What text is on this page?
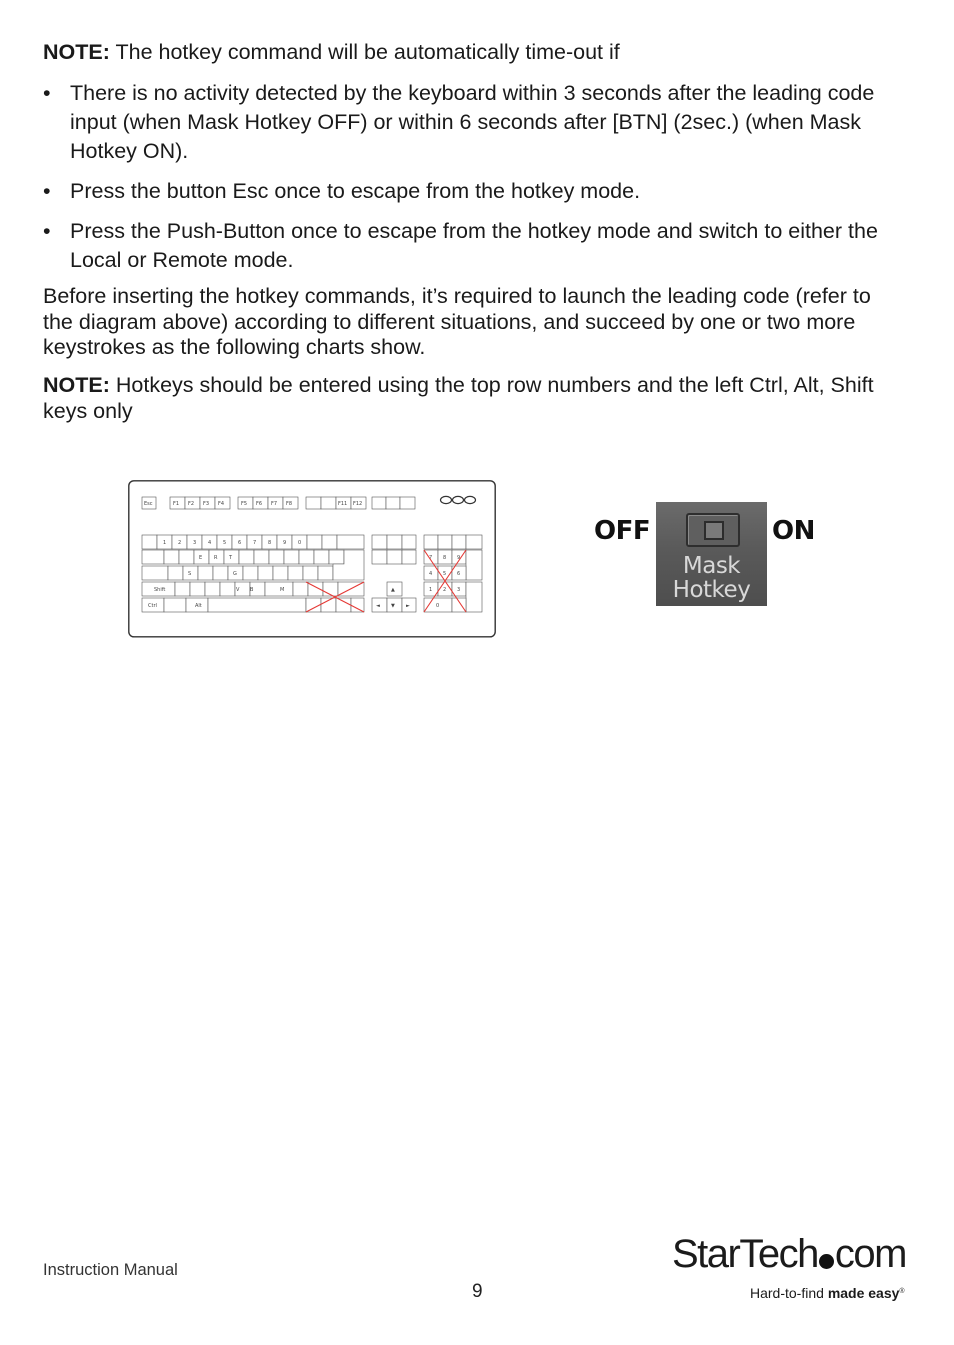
NOTE: The hotkey command will be automatically time-out if
• There is no activity detected by the keyboard within 3 seconds after the leading code input (when Mask Hotkey OFF) or within 6 seconds after [BTN] (2sec.) (when Mask Hotkey ON).
• Press the button Esc once to escape from the hotkey mode.
• Press the Push-Button once to escape from the hotkey mode and switch to either the Local or Remote mode.
Before inserting the hotkey commands, it’s required to launch the leading code (refer to the diagram above) according to different situations, and succeed by one or two more keystrokes as the following charts show.
NOTE: Hotkeys should be entered using the top row numbers and the left Ctrl, Alt, Shift keys only
Esc	F1 F2 F3 F4	F5 F6 F7 F8	F11 F12
1 2 3 4 5 6 7 8 9 0
E R T
S	G
Shift	V B	M
Ctrl	Alt
7 8 9
4 5 6
1 2 3
0
▲
◄ ▼ ►
OFF
Mask
Hotkey
ON
Instruction Manual
9
StarTech com
Hard-to-find made easy®
